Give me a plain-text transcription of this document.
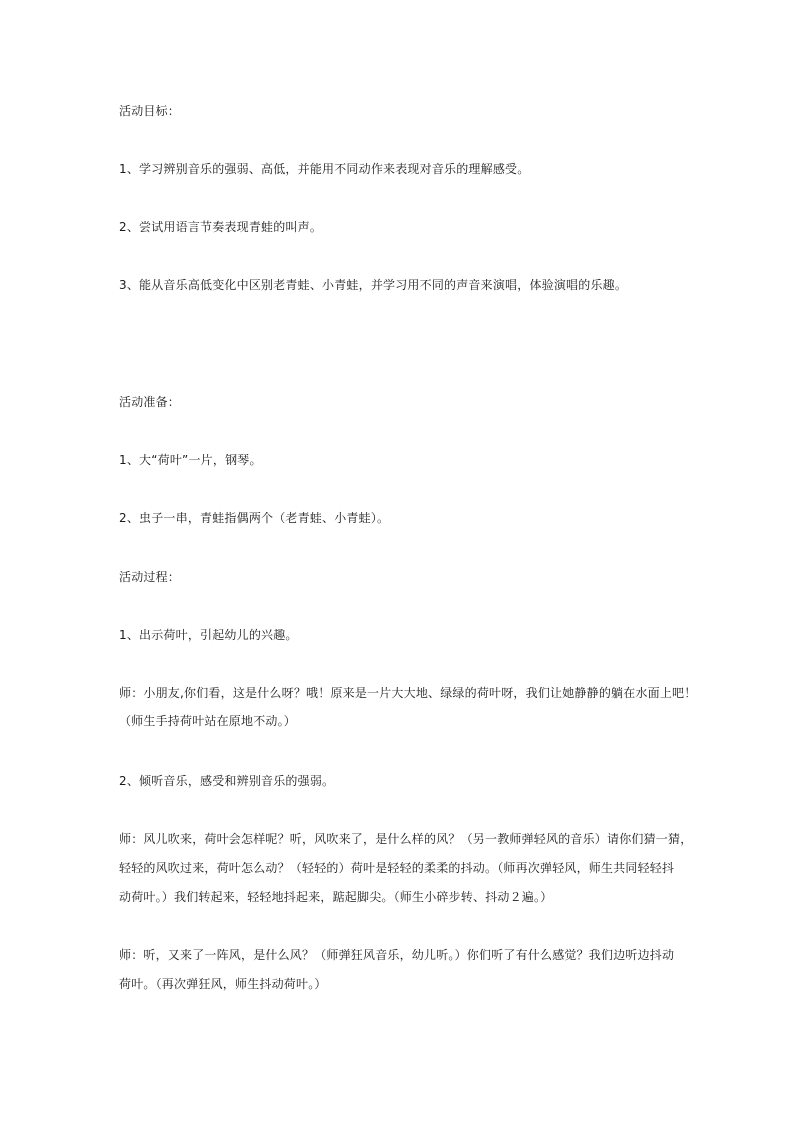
活动目标：
1、学习辨别音乐的强弱、高低，并能用不同动作来表现对音乐的理解感受。
2、尝试用语言节奏表现青蛙的叫声。
3、能从音乐高低变化中区别老青蛙、小青蛙，并学习用不同的声音来演唱，体验演唱的乐趣。
活动准备：
1、大“荷叶”一片，钢琴。
2、虫子一串，青蛙指偶两个（老青蛙、小青蛙）。
活动过程：
1、出示荷叶，引起幼儿的兴趣。
师：小朋友,你们看，这是什么呀？哦！原来是一片大大地、绿绿的荷叶呀，我们让她静静的躺在水面上吧！
（师生手持荷叶站在原地不动。）
2、倾听音乐，感受和辨别音乐的强弱。
师：风儿吹来，荷叶会怎样呢？听，风吹来了，是什么样的风？（另一教师弹轻风的音乐）请你们猜一猜，
轻轻的风吹过来，荷叶怎么动？（轻轻的）荷叶是轻轻的柔柔的抖动。（师再次弹轻风，师生共同轻轻抖
动荷叶。）我们转起来，轻轻地抖起来，踮起脚尖。（师生小碎步转、抖动２遍。）
师：听，又来了一阵风，是什么风？（师弹狂风音乐，幼儿听。）你们听了有什么感觉？我们边听边抖动
荷叶。（再次弹狂风，师生抖动荷叶。）
